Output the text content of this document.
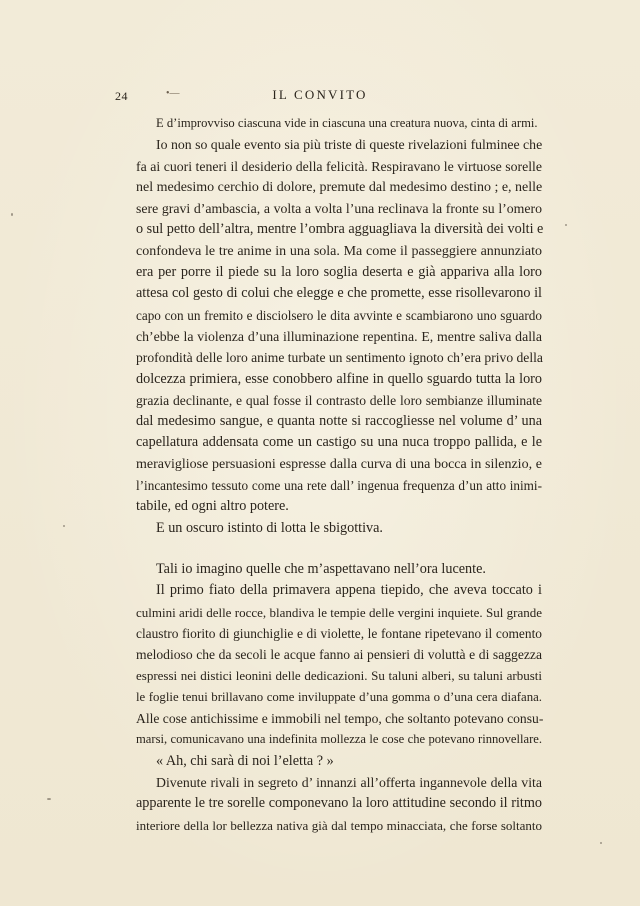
24	•—	IL CONVITO
E d’improvviso ciascuna vide in ciascuna una creatura nuova, cinta di armi.
Io non so quale evento sia più triste di queste rivelazioni fulminee che
fa ai cuori teneri il desiderio della felicità. Respiravano le virtuose sorelle
nel medesimo cerchio di dolore, premute dal medesimo destino ; e, nelle
sere gravi d’ambascia, a volta a volta l’una reclinava la fronte su l’omero
o sul petto dell’altra, mentre l’ombra agguagliava la diversità dei volti e
confondeva le tre anime in una sola. Ma come il passeggiere annunziato
era per porre il piede su la loro soglia deserta e già appariva alla loro
attesa col gesto di colui che elegge e che promette, esse risollevarono il
capo con un fremito e disciolsero le dita avvinte e scambiarono uno sguardo
ch’ebbe la violenza d’una illuminazione repentina. E, mentre saliva dalla
profondità delle loro anime turbate un sentimento ignoto ch’era privo della
dolcezza primiera, esse conobbero alfine in quello sguardo tutta la loro
grazia declinante, e qual fosse il contrasto delle loro sembianze illuminate
dal medesimo sangue, e quanta notte si raccogliesse nel volume d’ una
capellatura addensata come un castigo su una nuca troppo pallida, e le
meravigliose persuasioni espresse dalla curva di una bocca in silenzio, e
l’incantesimo tessuto come una rete dall’ ingenua frequenza d’un atto inimi-
tabile, ed ogni altro potere.
E un oscuro istinto di lotta le sbigottiva.
Tali io imagino quelle che m’aspettavano nell’ora lucente.
Il primo fiato della primavera appena tiepido, che aveva toccato i
culmini aridi delle rocce, blandiva le tempie delle vergini inquiete. Sul grande
claustro fiorito di giunchiglie e di violette, le fontane ripetevano il comento
melodioso che da secoli le acque fanno ai pensieri di voluttà e di saggezza
espressi nei distici leonini delle dedicazioni. Su taluni alberi, su taluni arbusti
le foglie tenui brillavano come inviluppate d’una gomma o d’una cera diafana.
Alle cose antichissime e immobili nel tempo, che soltanto potevano consu-
marsi, comunicavano una indefinita mollezza le cose che potevano rinnovellare.
« Ah, chi sarà di noi l’eletta ? »
Divenute rivali in segreto d’ innanzi all’offerta ingannevole della vita
apparente le tre sorelle componevano la loro attitudine secondo il ritmo
interiore della lor bellezza nativa già dal tempo minacciata, che forse soltanto
